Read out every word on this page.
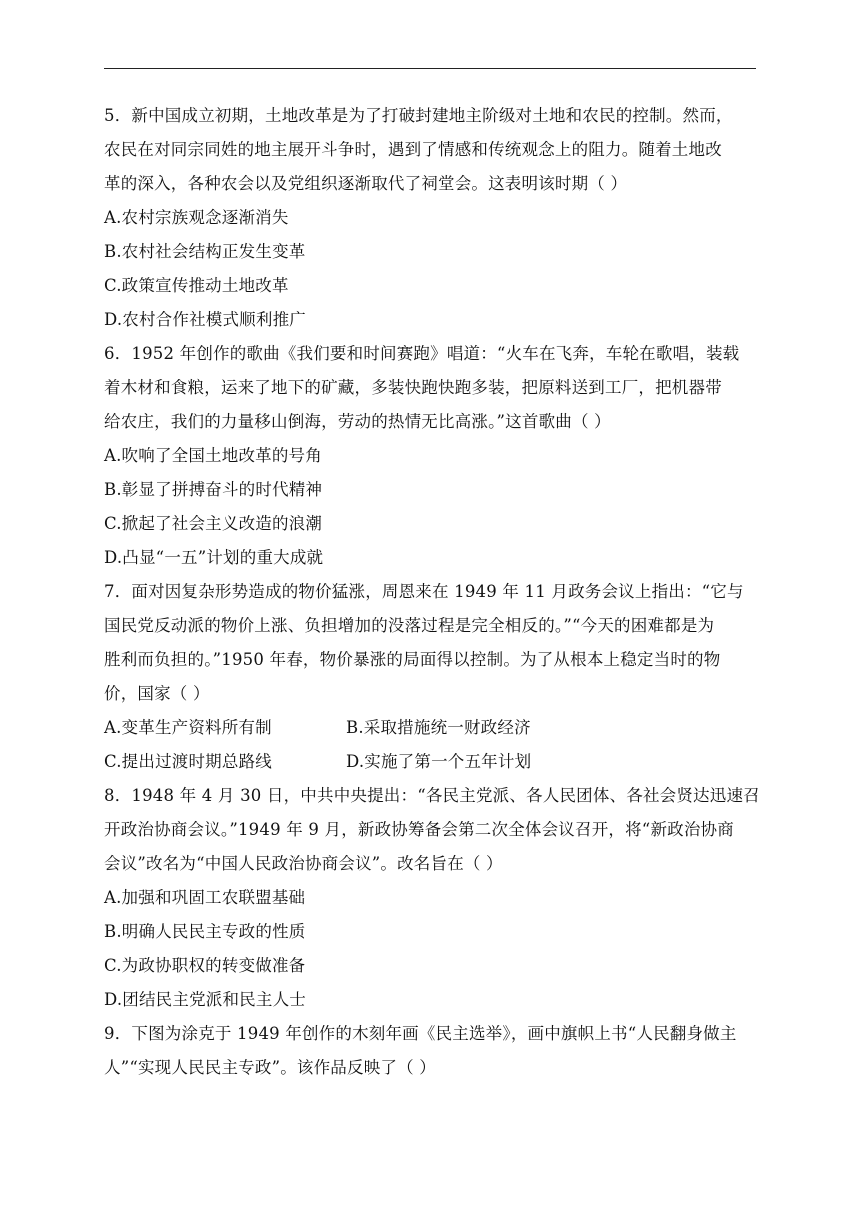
5．新中国成立初期，土地改革是为了打破封建地主阶级对土地和农民的控制。然而，
农民在对同宗同姓的地主展开斗争时，遇到了情感和传统观念上的阻力。随着土地改
革的深入，各种农会以及党组织逐渐取代了祠堂会。这表明该时期（ ）
A.农村宗族观念逐渐消失
B.农村社会结构正发生变革
C.政策宣传推动土地改革
D.农村合作社模式顺利推广
6．1952 年创作的歌曲《我们要和时间赛跑》唱道：“火车在飞奔，车轮在歌唱，装载
着木材和食粮，运来了地下的矿藏，多装快跑快跑多装，把原料送到工厂，把机器带
给农庄，我们的力量移山倒海，劳动的热情无比高涨。”这首歌曲（ ）
A.吹响了全国土地改革的号角
B.彰显了拼搏奋斗的时代精神
C.掀起了社会主义改造的浪潮
D.凸显“一五”计划的重大成就
7．面对因复杂形势造成的物价猛涨，周恩来在 1949 年 11 月政务会议上指出：“它与
国民党反动派的物价上涨、负担增加的没落过程是完全相反的。”“今天的困难都是为
胜利而负担的。”1950 年春，物价暴涨的局面得以控制。为了从根本上稳定当时的物
价，国家（ ）
A.变革生产资料所有制	B.采取措施统一财政经济
C.提出过渡时期总路线	D.实施了第一个五年计划
8．1948 年 4 月 30 日，中共中央提出：“各民主党派、各人民团体、各社会贤达迅速召
开政治协商会议。”1949 年 9 月，新政协筹备会第二次全体会议召开，将“新政治协商
会议”改名为“中国人民政治协商会议”。改名旨在（ ）
A.加强和巩固工农联盟基础
B.明确人民民主专政的性质
C.为政协职权的转变做准备
D.团结民主党派和民主人士
9．下图为涂克于 1949 年创作的木刻年画《民主选举》，画中旗帜上书“人民翻身做主
人”“实现人民民主专政”。该作品反映了（ ）
